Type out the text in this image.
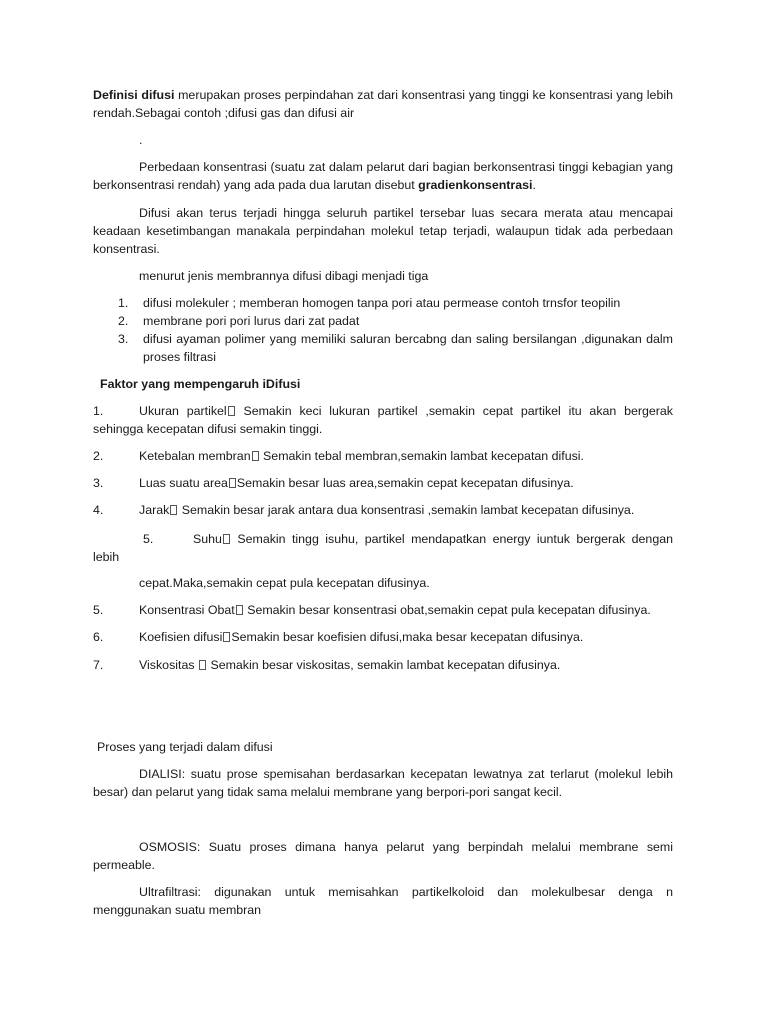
Definisi difusi merupakan proses perpindahan zat dari konsentrasi yang tinggi ke konsentrasi yang lebih rendah.Sebagai contoh ;difusi gas dan difusi air

.

Perbedaan konsentrasi (suatu zat dalam pelarut dari bagian berkonsentrasi tinggi kebagian yang berkonsentrasi rendah) yang ada pada dua larutan disebut gradienkonsentrasi.

Difusi akan terus terjadi hingga seluruh partikel tersebar luas secara merata atau mencapai keadaan kesetimbangan manakala perpindahan molekul tetap terjadi, walaupun tidak ada perbedaan konsentrasi.

menurut jenis membrannya difusi dibagi menjadi tiga

1. difusi molekuler ; memberan homogen tanpa pori atau permease contoh trnsfor teopilin

2. membrane pori pori lurus dari zat padat

3. difusi ayaman polimer yang memiliki saluran bercabng dan saling bersilangan ,digunakan dalm proses filtrasi

Faktor yang mempengaruh iDifusi

1.	Ukuran partikel Semakin keci lukuran partikel ,semakin cepat partikel itu akan bergerak sehingga kecepatan difusi semakin tinggi.

2.	Ketebalan membran Semakin tebal membran,semakin lambat kecepatan difusi.

3.	Luas suatu area Semakin besar luas area,semakin cepat kecepatan difusinya.

4.	Jarak Semakin besar jarak antara dua konsentrasi ,semakin lambat kecepatan difusinya.

5.	Suhu Semakin tingg isuhu, partikel mendapatkan energy iuntuk bergerak dengan lebih

cepat.Maka,semakin cepat pula kecepatan difusinya.

5.	Konsentrasi Obat Semakin besar konsentrasi obat,semakin cepat pula kecepatan difusinya.

6.	Koefisien difusi Semakin besar koefisien difusi,maka besar kecepatan difusinya.

7.	Viskositas  Semakin besar viskositas, semakin lambat kecepatan difusinya.

Proses yang terjadi dalam difusi

DIALISI: suatu prose spemisahan berdasarkan kecepatan lewatnya zat terlarut (molekul lebih besar) dan pelarut yang tidak sama melalui membrane yang berpori-pori sangat kecil.

OSMOSIS: Suatu proses dimana hanya pelarut yang berpindah melalui membrane semi permeable.

Ultrafiltrasi: digunakan untuk memisahkan partikelkoloid dan molekulbesar denga n menggunakan suatu membran
